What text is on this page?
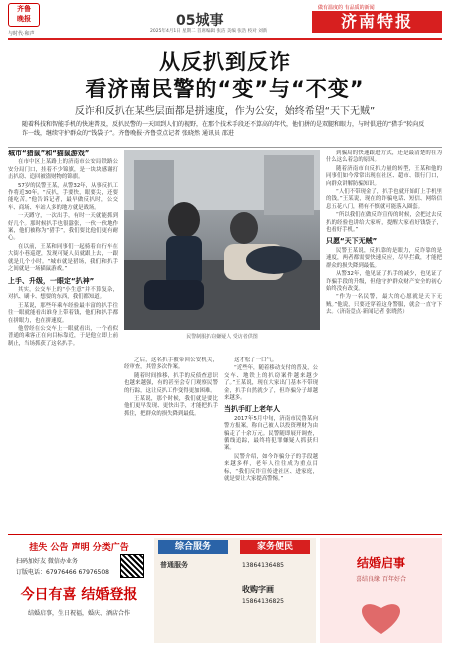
齐鲁
晚报
与时代·和声
05城事
2025年4月1日 星期二 首席编辑 张洁 美编 张浩 校对 刘新
做有温度的 有品质的新闻
济南特报
从反扒到反诈
看济南民警的“变”与“不变”
反诈和反扒在某些层面都是拼速度，作为公安，始终希望“天下无贼”
随着科技和智能手机的快速普及，反扒民警的一天回到人们的视野，在那个技术手段还不算高的年代，他们拼的是双腿和眼力，与时俱进的“猎手”转向反诈一线，继续守护群众的“钱袋子”。齐鲁晚报·齐鲁壹点记者 张晓然 通讯员 邵进
城市“猎鼠”和“猫鼠游戏”

在市中区上某路上的济南市公安局铁路公安分局门口，挂着不少锦旗，是一块块感谢打击扒窃、追回被盗财物的锦旗。

57岁的民警王某，从警32年，从事反扒工作将近30年。“反扒，手要快，眼要尖，还要能吃苦。”他告诉记者，最早做反扒时，公交车、商场、车站人多的地方就是战场。

一天蹲守，一次出手，有时一天就能抓到好几个。那时候扒手也很嚣张，一伙一伙地作案，他们被称为“猎手”，我们要比他们更有耐心。

在以前，王某和同事们一起骑着自行车在大街小巷巡逻，发现可疑人员就跟上去，一跟就是几个小时。“城市就是猎场，我们和扒手之间就是一场猫鼠游戏。”

上手、升级，一眼定“扒神”

其实，公交车上的“小生意”并不算复杂，对扒、刷卡、想要的东西，我们都知道。

王某说，那些年乘车经验最丰富的扒手往往一眼就能看出谁身上带着钱，他们和扒手都在拼眼力，也在拼速度。

他曾经在公交车上一眼就看出，一个看似普通的乘客正在向目标靠近，于是他立即上前制止，当场抓获了这名扒手。

民警制服扒窃嫌疑人 受访者供图

之后，这名扒手被带回公安机关，经审查，其曾多次作案。

随着时间推移，扒手的反侦查意识也越来越强，有的甚至会专门观察民警的行踪，这让反扒工作变得更加困难。

王某说，那个时候，我们就是要比他们更早发现、更快出手，才能把扒手抓住，把群众的损失降到最低。

这才松了一口气。

“近些年，随着移动支付的普及，公交车、地铁上的扒窃案件越来越少了。”王某说，现在大家出门基本不带现金，扒手自然就少了，但诈骗分子却越来越多。

当扒手盯上老年人

2017年5月中旬，济南市民鲁某向警方报案，称自己被人以投资理财为由骗走了十余万元。民警随即展开调查，循线追踪，最终将犯罪嫌疑人抓获归案。

民警介绍，如今诈骗分子的手段越来越多样，老年人往往成为重点目标，“我们反诈宣传进社区、进家庭，就是要让大家提高警惕。”

到骗局的快速跟进方式，还是最清楚的在为什么这么着急的原因。

随着济南市自反扒力量的转型，王某和他的同事们如今常常出现在社区、超市、银行门口，向群众讲解防骗知识。

“人们不带现金了，扒手也就开始盯上手机里的钱。”王某说，现在的诈骗电话、短信、网络信息五花八门，稍有不慎就可能落入圈套。

“所以我们在做反诈宣传的时候，会把过去反扒的经验也讲给大家听，提醒大家看好钱袋子，也看好手机。”

只愿“天下无贼”

民警王某说，反扒靠的是眼力，反诈靠的是速度，两者都需要快速反应，尽早拦截，才能把群众的损失降到最低。

从警32年，他见证了扒手的减少，也见证了诈骗手段的升级，但他守护群众财产安全的初心始终没有改变。

“作为一名民警，最大的心愿就是天下无贼。”他说，只要还穿着这身警服，就会一直守下去。（济南壹点·新闻记者 张晓然）

挂失 公告 声明 分类广告
扫码加好友 微信办业务
订版电话：67976466 67976508
今日有喜 结婚登报
结婚启事，生日祝福，婚庆、酒店合作
综合服务	家务便民
普通服务	13864136485
收购字画
15864136825
结婚启事
喜结良缘 百年好合
